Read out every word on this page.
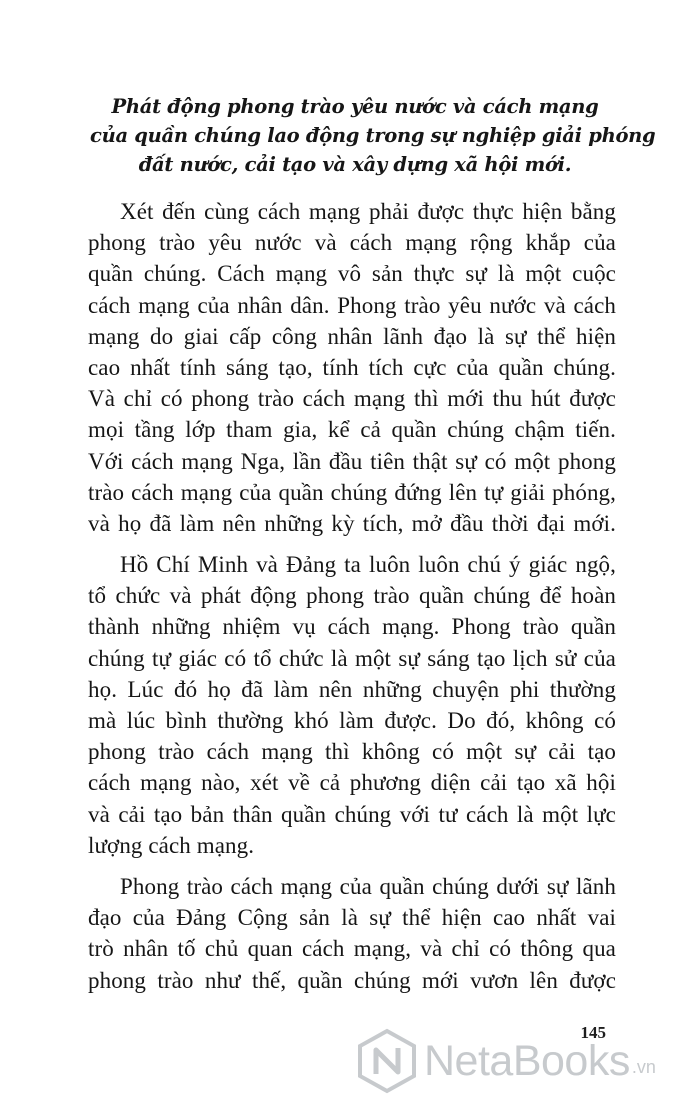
Phát động phong trào yêu nước và cách mạng
của quần chúng lao động trong sự nghiệp giải phóng
đất nước, cải tạo và xây dựng xã hội mới.

Xét đến cùng cách mạng phải được thực hiện bằng
phong trào yêu nước và cách mạng rộng khắp của
quần chúng. Cách mạng vô sản thực sự là một cuộc
cách mạng của nhân dân. Phong trào yêu nước và cách
mạng do giai cấp công nhân lãnh đạo là sự thể hiện
cao nhất tính sáng tạo, tính tích cực của quần chúng.
Và chỉ có phong trào cách mạng thì mới thu hút được
mọi tầng lớp tham gia, kể cả quần chúng chậm tiến.
Với cách mạng Nga, lần đầu tiên thật sự có một phong
trào cách mạng của quần chúng đứng lên tự giải phóng,
và họ đã làm nên những kỳ tích, mở đầu thời đại mới.

Hồ Chí Minh và Đảng ta luôn luôn chú ý giác ngộ,
tổ chức và phát động phong trào quần chúng để hoàn
thành những nhiệm vụ cách mạng. Phong trào quần
chúng tự giác có tổ chức là một sự sáng tạo lịch sử của
họ. Lúc đó họ đã làm nên những chuyện phi thường
mà lúc bình thường khó làm được. Do đó, không có
phong trào cách mạng thì không có một sự cải tạo
cách mạng nào, xét về cả phương diện cải tạo xã hội
và cải tạo bản thân quần chúng với tư cách là một lực
lượng cách mạng.

Phong trào cách mạng của quần chúng dưới sự lãnh
đạo của Đảng Cộng sản là sự thể hiện cao nhất vai
trò nhân tố chủ quan cách mạng, và chỉ có thông qua
phong trào như thế, quần chúng mới vươn lên được

145
NetaBooks .vn
